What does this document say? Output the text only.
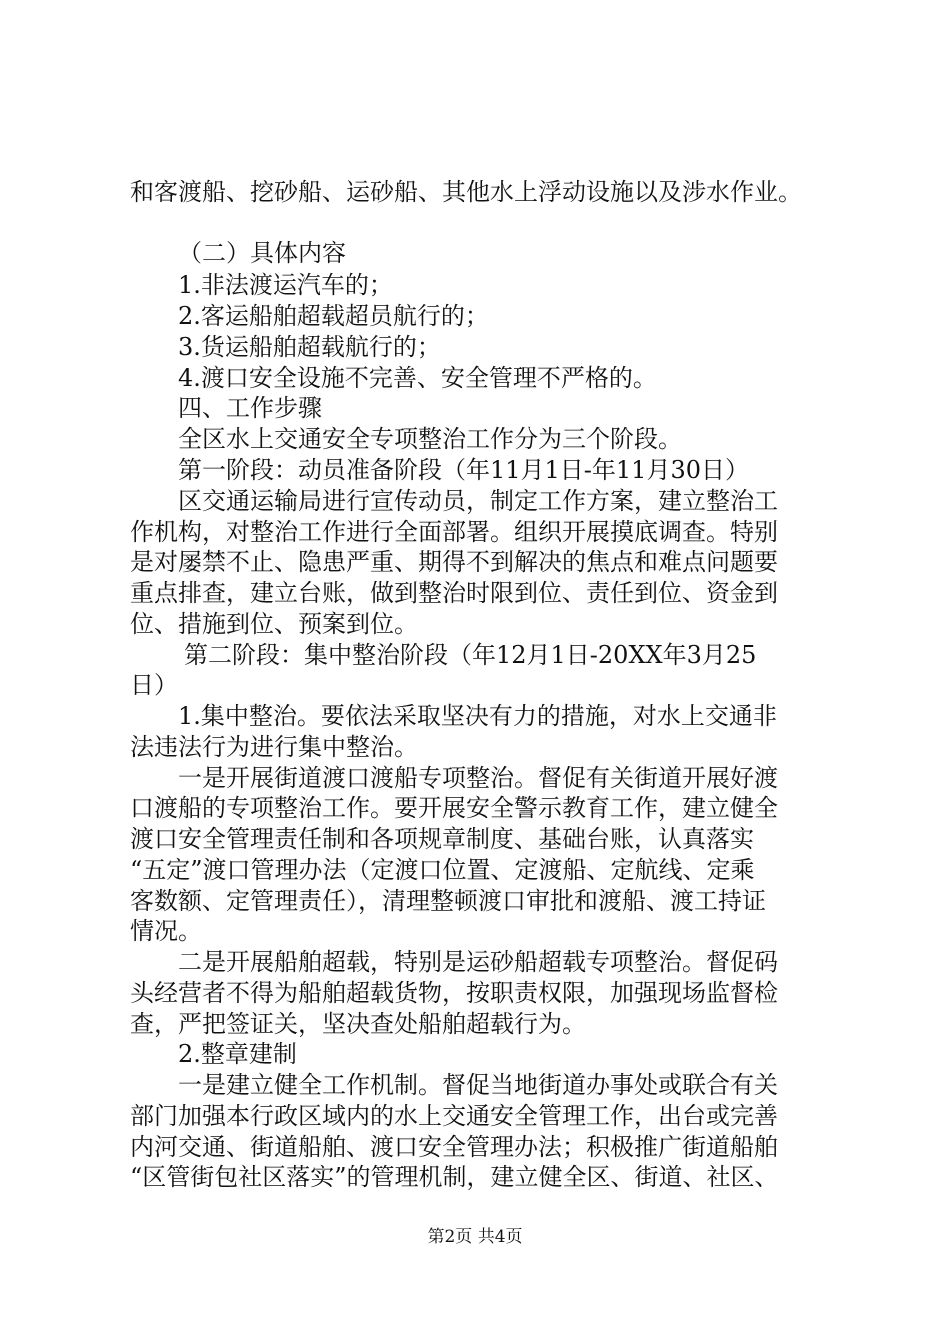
和客渡船、挖砂船、运砂船、其他水上浮动设施以及涉水作业。
（二）具体内容
1.非法渡运汽车的；
2.客运船舶超载超员航行的；
3.货运船舶超载航行的；
4.渡口安全设施不完善、安全管理不严格的。
四、工作步骤
全区水上交通安全专项整治工作分为三个阶段。
第一阶段：动员准备阶段（年11月1日-年11月30日）
区交通运输局进行宣传动员，制定工作方案，建立整治工
作机构，对整治工作进行全面部署。组织开展摸底调查。特别
是对屡禁不止、隐患严重、期得不到解决的焦点和难点问题要
重点排查，建立台账，做到整治时限到位、责任到位、资金到
位、措施到位、预案到位。
第二阶段：集中整治阶段（年12月1日-20XX年3月25
日）
1.集中整治。要依法采取坚决有力的措施，对水上交通非
法违法行为进行集中整治。
一是开展街道渡口渡船专项整治。督促有关街道开展好渡
口渡船的专项整治工作。要开展安全警示教育工作，建立健全
渡口安全管理责任制和各项规章制度、基础台账，认真落实
“五定”渡口管理办法（定渡口位置、定渡船、定航线、定乘
客数额、定管理责任），清理整顿渡口审批和渡船、渡工持证
情况。
二是开展船舶超载，特别是运砂船超载专项整治。督促码
头经营者不得为船舶超载货物，按职责权限，加强现场监督检
查，严把签证关，坚决查处船舶超载行为。
2.整章建制
一是建立健全工作机制。督促当地街道办事处或联合有关
部门加强本行政区域内的水上交通安全管理工作，出台或完善
内河交通、街道船舶、渡口安全管理办法；积极推广街道船舶
“区管街包社区落实”的管理机制，建立健全区、街道、社区、
第2页 共4页
